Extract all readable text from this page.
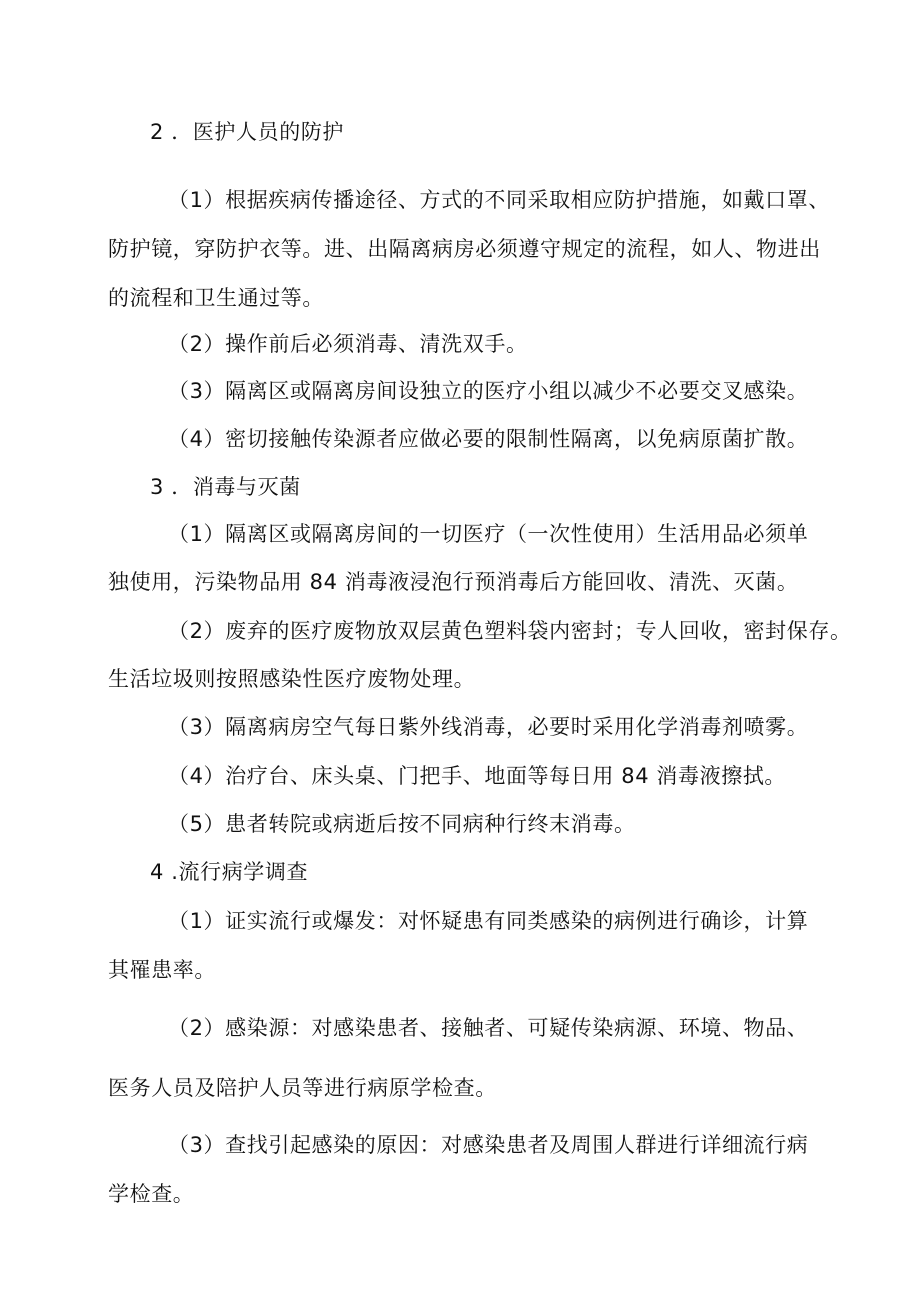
2 ．医护人员的防护
（1）根据疾病传播途径、方式的不同采取相应防护措施，如戴口罩、
防护镜，穿防护衣等。进、出隔离病房必须遵守规定的流程，如人、物进出
的流程和卫生通过等。
（2）操作前后必须消毒、清洗双手。
（3）隔离区或隔离房间设独立的医疗小组以减少不必要交叉感染。
（4）密切接触传染源者应做必要的限制性隔离，以免病原菌扩散。
3 ．消毒与灭菌
（1）隔离区或隔离房间的一切医疗（一次性使用）生活用品必须单
独使用，污染物品用 84 消毒液浸泡行预消毒后方能回收、清洗、灭菌。
（2）废弃的医疗废物放双层黄色塑料袋内密封；专人回收，密封保存。
生活垃圾则按照感染性医疗废物处理。
（3）隔离病房空气每日紫外线消毒，必要时采用化学消毒剂喷雾。
（4）治疗台、床头桌、门把手、地面等每日用 84 消毒液擦拭。
（5）患者转院或病逝后按不同病种行终末消毒。
4 .流行病学调查
（1）证实流行或爆发：对怀疑患有同类感染的病例进行确诊，计算
其罹患率。
（2）感染源：对感染患者、接触者、可疑传染病源、环境、物品、
医务人员及陪护人员等进行病原学检查。
（3）查找引起感染的原因：对感染患者及周围人群进行详细流行病
学检查。
